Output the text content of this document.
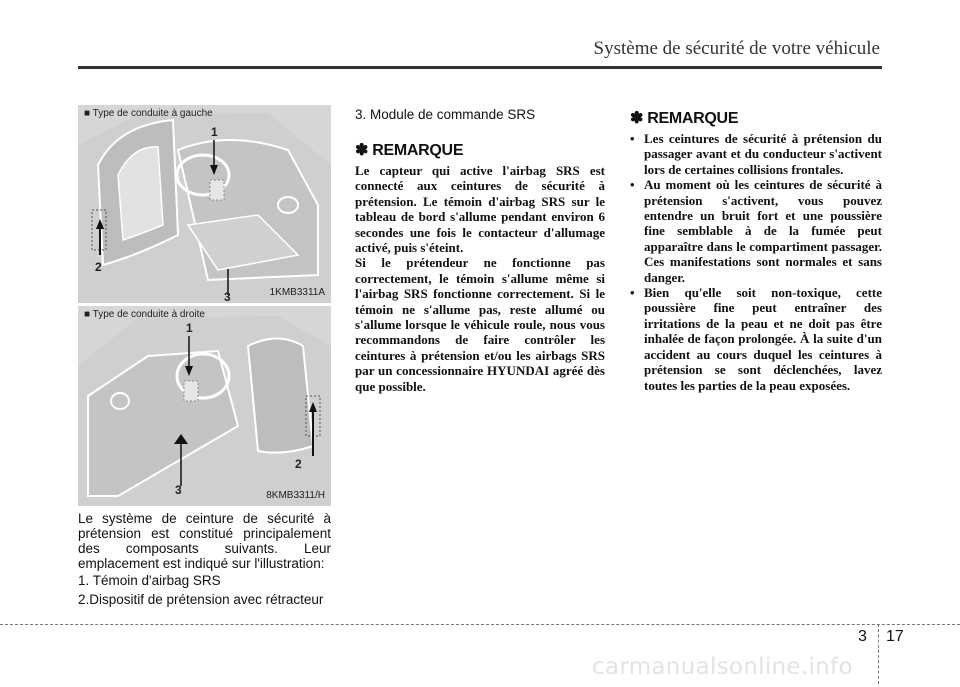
Système de sécurité de votre véhicule
1
2
3
■ Type de conduite à gauche
1KMB3311A
1
2
3
■ Type de conduite à droite
8KMB3311/H
Le système de ceinture de sécurité à prétension est constitué principalement des composants suivants. Leur emplacement est indiqué sur l'illustration:
1. Témoin d'airbag SRS
2.Dispositif de prétension avec rétracteur
3. Module de commande SRS
✽ REMARQUE

Le capteur qui active l'airbag SRS est connecté aux ceintures de sécurité à prétension. Le témoin d'airbag SRS sur le tableau de bord s'allume pendant environ 6 secondes une fois le contacteur d'allumage activé, puis s'éteint.

Si le prétendeur ne fonctionne pas correctement, le témoin s'allume même si l'airbag SRS fonctionne correctement. Si le témoin ne s'allume pas, reste allumé ou s'allume lorsque le véhicule roule, nous vous recommandons de faire contrôler les ceintures à prétension et/ou les airbags SRS par un concessionnaire HYUNDAI agréé dès que possible.

✽ REMARQUE
• Les ceintures de sécurité à prétension du passager avant et du conducteur s'activent lors de certaines collisions frontales.
• Au moment où les ceintures de sécurité à prétension s'activent, vous pouvez entendre un bruit fort et une poussière fine semblable à de la fumée peut apparaître dans le compartiment passager. Ces manifestations sont normales et sans danger.
• Bien qu'elle soit non-toxique, cette poussière fine peut entraîner des irritations de la peau et ne doit pas être inhalée de façon prolongée. À la suite d'un accident au cours duquel les ceintures à prétension se sont déclenchées, lavez toutes les parties de la peau exposées.
3 17
carmanualsonline.info
